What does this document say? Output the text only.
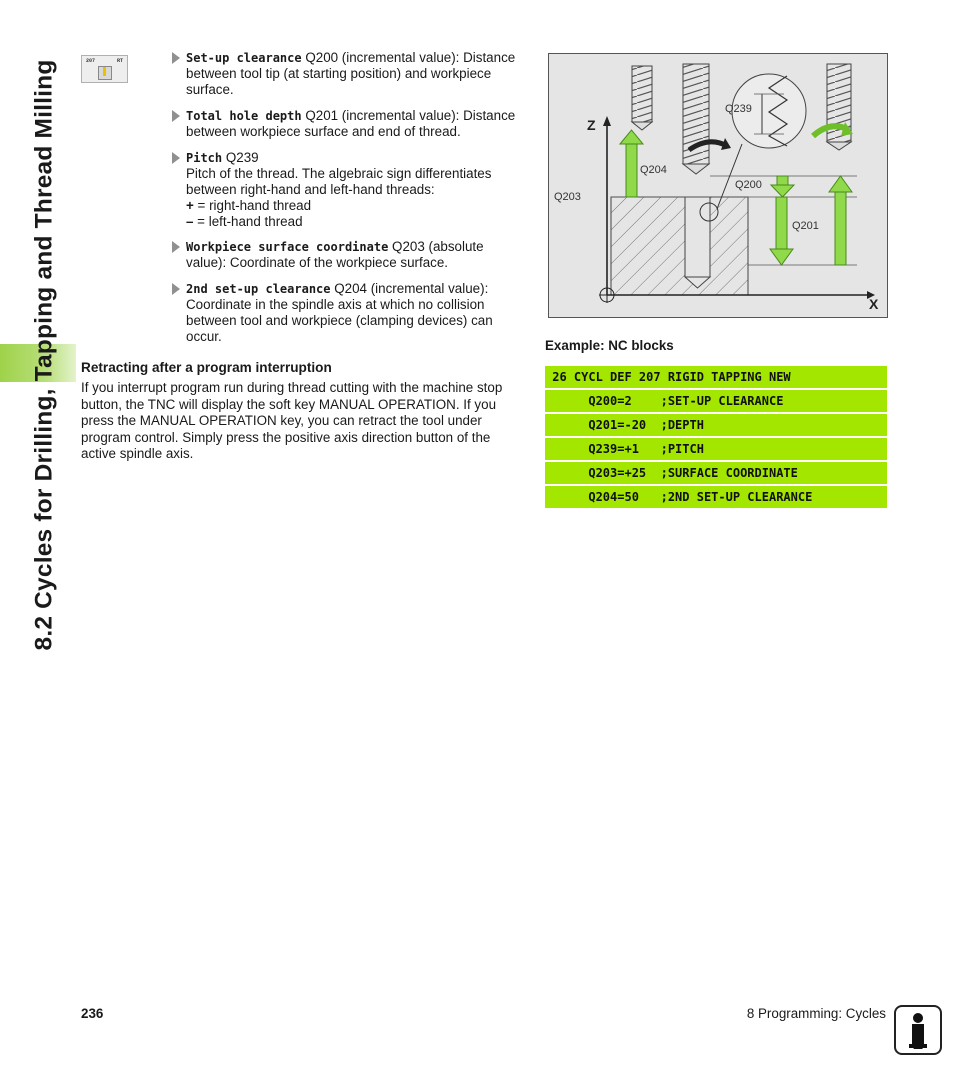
8.2 Cycles for Drilling, Tapping and Thread Milling	207	RT	Set-up clearance Q200 (incremental value): Distance
between tool tip (at starting position) and workpiece
surface.
Total hole depth Q201 (incremental value): Distance
between workpiece surface and end of thread.
Pitch Q239
Pitch of the thread. The algebraic sign differentiates
between right-hand and left-hand threads:
+ = right-hand thread
– = left-hand thread
Workpiece surface coordinate Q203 (absolute
value): Coordinate of the workpiece surface.
2nd set-up clearance Q204 (incremental value):
Coordinate in the spindle axis at which no collision
between tool and workpiece (clamping devices) can
occur.
Retracting after a program interruption
If you interrupt program run during thread cutting with the machine stop button, the TNC will display the soft key MANUAL OPERATION. If you press the MANUAL OPERATION key, you can retract the tool under program control. Simply press the positive axis direction button of the active spindle axis.
Z
X
Q239
Q204
Q200
Q203
Q201
Example: NC blocks
26 CYCL DEF 207 RIGID TAPPING NEW
Q200=2    ;SET-UP CLEARANCE
Q201=-20  ;DEPTH
Q239=+1   ;PITCH
Q203=+25  ;SURFACE COORDINATE
Q204=50   ;2ND SET-UP CLEARANCE
236	8 Programming: Cycles
